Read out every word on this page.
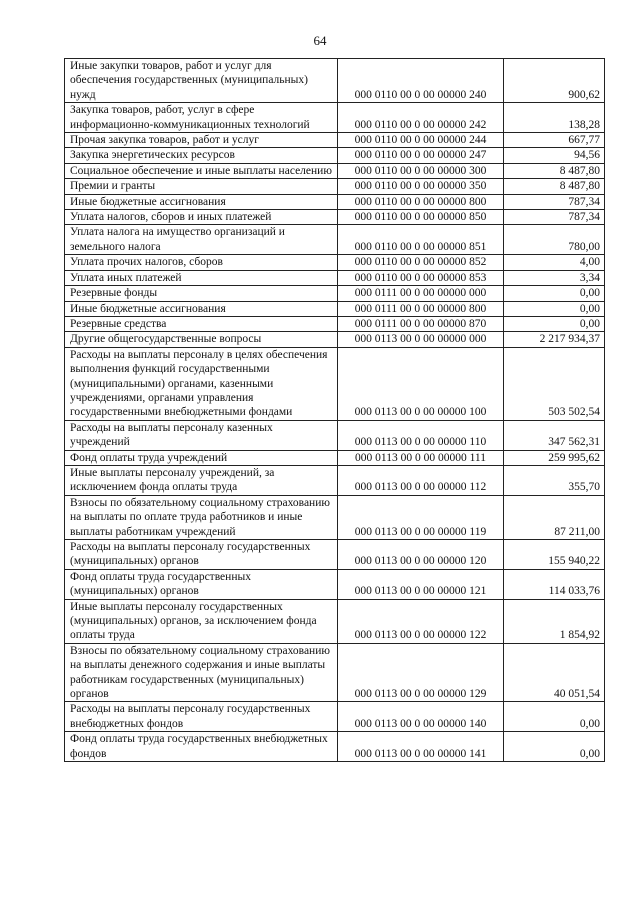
64
Иные закупки товаров, работ и услуг для обеспечения государственных (муниципальных) нужд	000 0110 00 0 00 00000 240	900,62
Закупка товаров, работ, услуг в сфере информационно-коммуникационных технологий	000 0110 00 0 00 00000 242	138,28
Прочая закупка товаров, работ и услуг	000 0110 00 0 00 00000 244	667,77
Закупка энергетических ресурсов	000 0110 00 0 00 00000 247	94,56
Социальное обеспечение и иные выплаты населению	000 0110 00 0 00 00000 300	8 487,80
Премии и гранты	000 0110 00 0 00 00000 350	8 487,80
Иные бюджетные ассигнования	000 0110 00 0 00 00000 800	787,34
Уплата налогов, сборов и иных платежей	000 0110 00 0 00 00000 850	787,34
Уплата налога на имущество организаций и земельного налога	000 0110 00 0 00 00000 851	780,00
Уплата прочих налогов, сборов	000 0110 00 0 00 00000 852	4,00
Уплата иных платежей	000 0110 00 0 00 00000 853	3,34
Резервные фонды	000 0111 00 0 00 00000 000	0,00
Иные бюджетные ассигнования	000 0111 00 0 00 00000 800	0,00
Резервные средства	000 0111 00 0 00 00000 870	0,00
Другие общегосударственные вопросы	000 0113 00 0 00 00000 000	2 217 934,37
Расходы на выплаты персоналу в целях обеспечения выполнения функций государственными (муниципальными) органами, казенными учреждениями, органами управления государственными внебюджетными фондами	000 0113 00 0 00 00000 100	503 502,54
Расходы на выплаты персоналу казенных учреждений	000 0113 00 0 00 00000 110	347 562,31
Фонд оплаты труда учреждений	000 0113 00 0 00 00000 111	259 995,62
Иные выплаты персоналу учреждений, за исключением фонда оплаты труда	000 0113 00 0 00 00000 112	355,70
Взносы по обязательному социальному страхованию на выплаты по оплате труда работников и иные выплаты работникам учреждений	000 0113 00 0 00 00000 119	87 211,00
Расходы на выплаты персоналу государственных (муниципальных) органов	000 0113 00 0 00 00000 120	155 940,22
Фонд оплаты труда государственных (муниципальных) органов	000 0113 00 0 00 00000 121	114 033,76
Иные выплаты персоналу государственных (муниципальных) органов, за исключением фонда оплаты труда	000 0113 00 0 00 00000 122	1 854,92
Взносы по обязательному социальному страхованию на выплаты денежного содержания и иные выплаты работникам государственных (муниципальных) органов	000 0113 00 0 00 00000 129	40 051,54
Расходы на выплаты персоналу государственных внебюджетных фондов	000 0113 00 0 00 00000 140	0,00
Фонд оплаты труда государственных внебюджетных фондов	000 0113 00 0 00 00000 141	0,00
